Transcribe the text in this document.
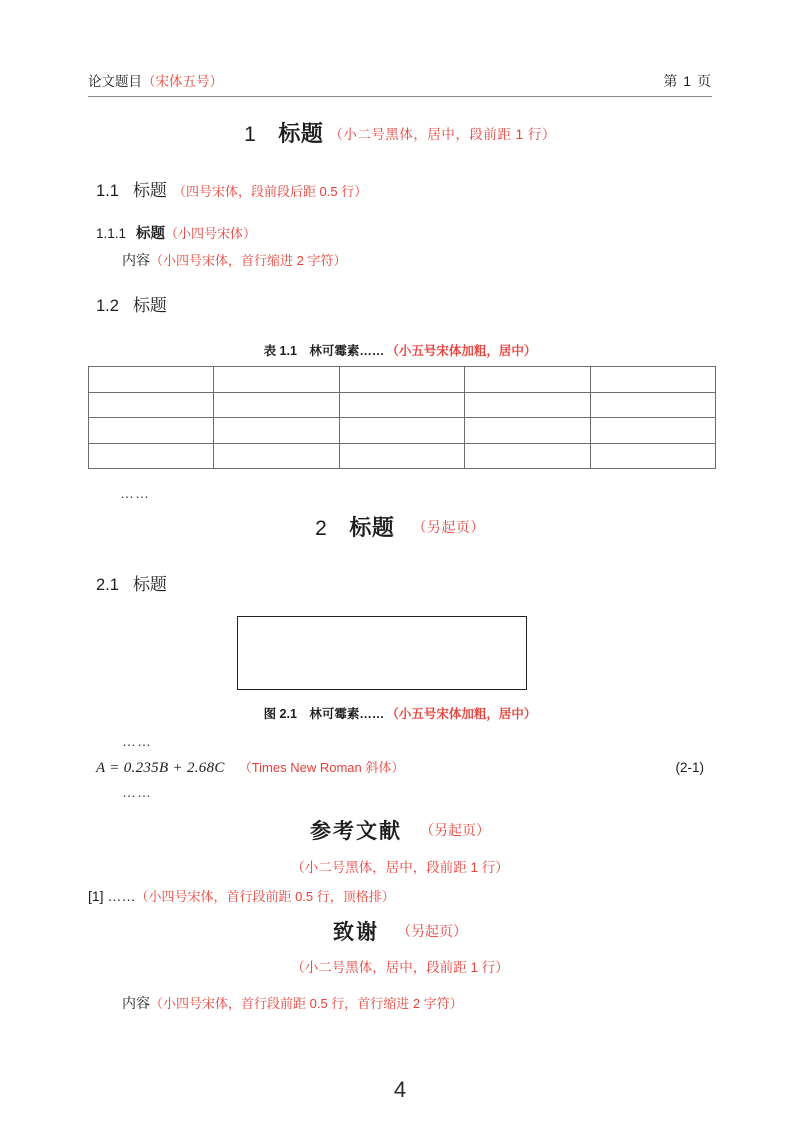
论文题目（宋体五号）	第 1 页
1 标题 （小二号黑体，居中，段前距 1 行）
1.1 标题 （四号宋体，段前段后距 0.5 行）
1.1.1 标题（小四号宋体）
内容（小四号宋体，首行缩进 2 字符）
1.2 标题
表 1.1　林可霉素…… （小五号宋体加粗，居中）

……
2 标题 （另起页）
2.1 标题
图 2.1　林可霉素…… （小五号宋体加粗，居中）
……
A = 0.235B + 2.68C （Times New Roman 斜体）	(2-1)
……
参考文献 （另起页）
（小二号黑体，居中，段前距 1 行）
[1] ……（小四号宋体，首行段前距 0.5 行，顶格排）
致谢 （另起页）
（小二号黑体，居中，段前距 1 行）
内容（小四号宋体，首行段前距 0.5 行，首行缩进 2 字符）
4
